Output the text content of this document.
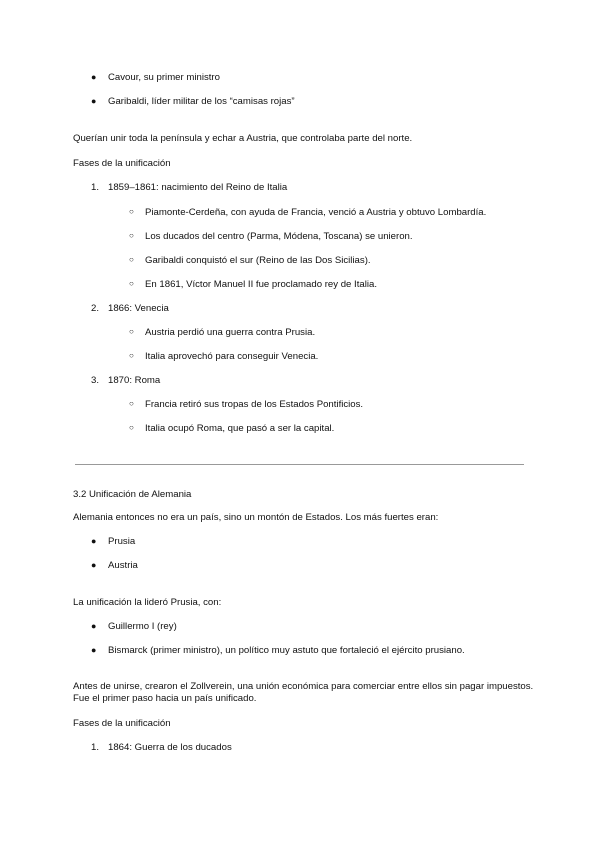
● Cavour, su primer ministro
● Garibaldi, líder militar de los “camisas rojas”
Querían unir toda la península y echar a Austria, que controlaba parte del norte.
Fases de la unificación
1. 1859–1861: nacimiento del Reino de Italia
○ Piamonte-Cerdeña, con ayuda de Francia, venció a Austria y obtuvo Lombardía.
○ Los ducados del centro (Parma, Módena, Toscana) se unieron.
○ Garibaldi conquistó el sur (Reino de las Dos Sicilias).
○ En 1861, Víctor Manuel II fue proclamado rey de Italia.
2. 1866: Venecia
○ Austria perdió una guerra contra Prusia.
○ Italia aprovechó para conseguir Venecia.
3. 1870: Roma
○ Francia retiró sus tropas de los Estados Pontificios.
○ Italia ocupó Roma, que pasó a ser la capital.
3.2 Unificación de Alemania
Alemania entonces no era un país, sino un montón de Estados. Los más fuertes eran:
● Prusia
● Austria
La unificación la lideró Prusia, con:
● Guillermo I (rey)
● Bismarck (primer ministro), un político muy astuto que fortaleció el ejército prusiano.
Antes de unirse, crearon el Zollverein, una unión económica para comerciar entre ellos sin pagar impuestos.
Fue el primer paso hacia un país unificado.
Fases de la unificación
1. 1864: Guerra de los ducados
